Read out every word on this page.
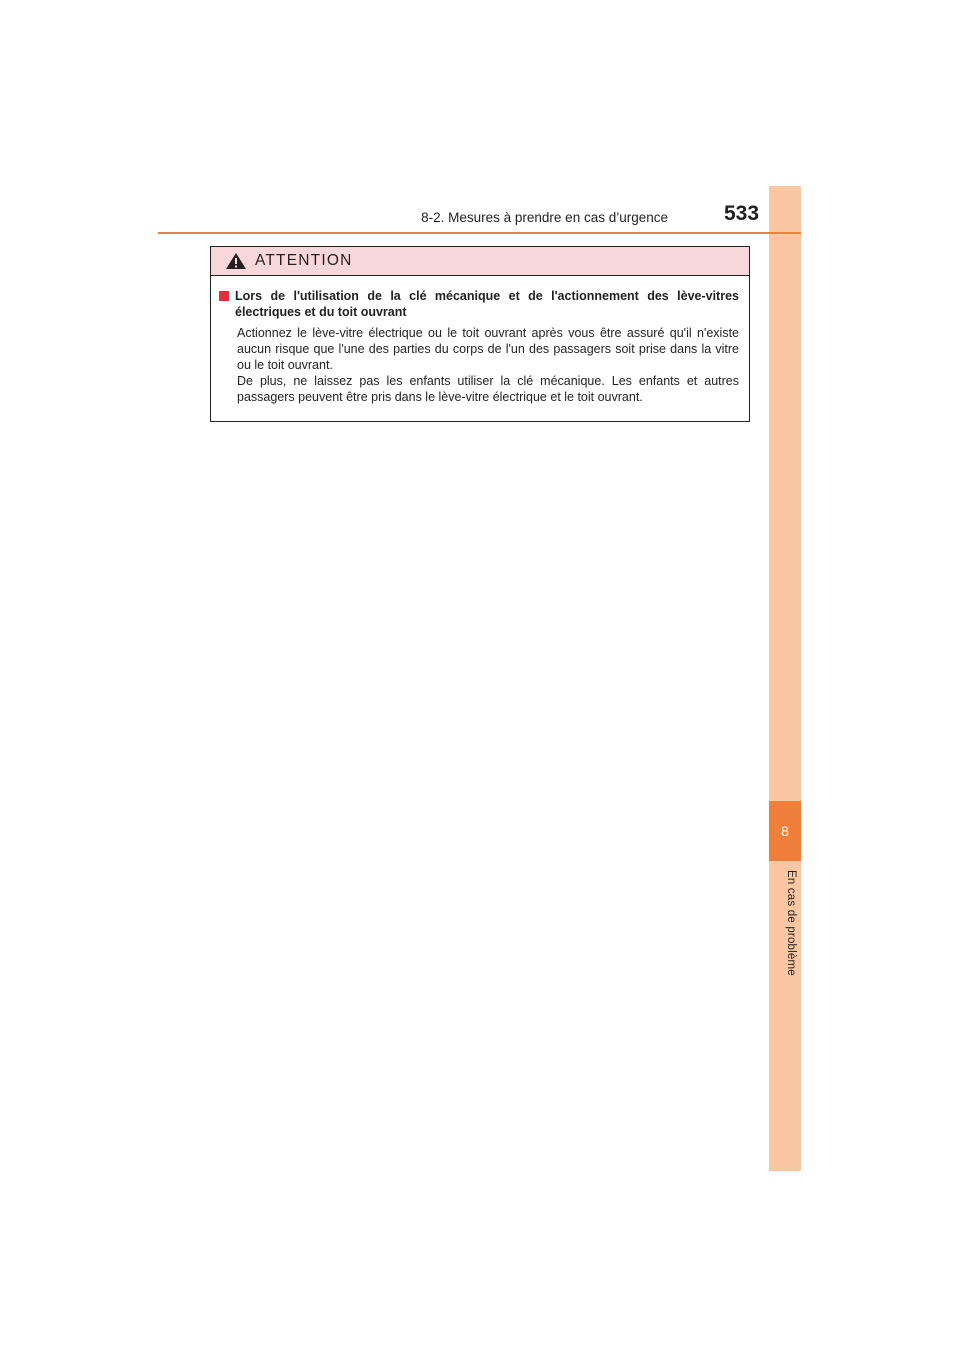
8
En cas de problème
8-2. Mesures à prendre en cas d’urgence	533
ATTENTION
Lors de l'utilisation de la clé mécanique et de l'actionnement des lève-vitres électriques et du toit ouvrant

Actionnez le lève-vitre électrique ou le toit ouvrant après vous être assuré qu'il n'existe aucun risque que l'une des parties du corps de l'un des passagers soit prise dans la vitre ou le toit ouvrant.

De plus, ne laissez pas les enfants utiliser la clé mécanique. Les enfants et autres passagers peuvent être pris dans le lève-vitre électrique et le toit ouvrant.
